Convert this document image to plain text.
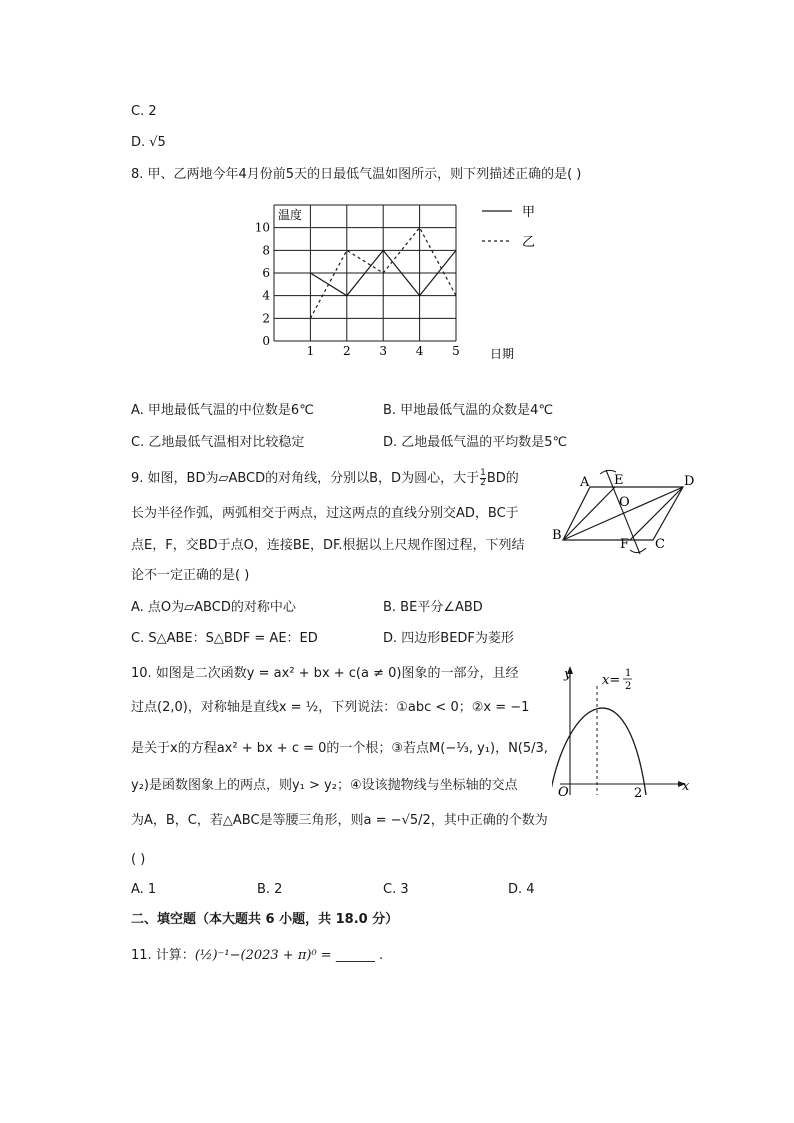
C. 2
D. √5
8. 甲、乙两地今年4月份前5天的日最低气温如图所示，则下列描述正确的是( )
0
2
4
6
8
10
1 2 3 4 5
温度
日期
甲
乙
A. 甲地最低气温的中位数是6℃	B. 甲地最低气温的众数是4℃
C. 乙地最低气温相对比较稳定	D. 乙地最低气温的平均数是5℃
9. 如图，BD为▱ABCD的对角线，分别以B，D为圆心，大于 $\frac{1}{2}$ BD的
长为半径作弧，两弧相交于两点，过这两点的直线分别交AD，BC于
点E，F，交BD于点O，连接BE，DF.根据以上尺规作图过程，下列结
论不一定正确的是( )
A E	D
O
B
F C
A. 点O为▱ABCD的对称中心	B. BE平分∠ABD
C. S△ABE：S△BDF = AE：ED	D. 四边形BEDF为菱形
10. 如图是二次函数y = ax² + bx + c(a ≠ 0)图象的一部分，且经
过点(2,0)，对称轴是直线x = ½，下列说法：①abc < 0；②x = −1
是关于x的方程ax² + bx + c = 0的一个根；③若点M(−⅓, y₁)，N(5/3,
y₂)是函数图象上的两点，则y₁ > y₂；④设该抛物线与坐标轴的交点
为A，B，C，若△ABC是等腰三角形，则a = −√5/2，其中正确的个数为
( )
y
x
O	2
x= 1
2
A. 1	B. 2	C. 3	D. 4
二、填空题（本大题共 6 小题，共 18.0 分）
11. 计算：(½)⁻¹−(2023 + π)⁰ = ______ .
